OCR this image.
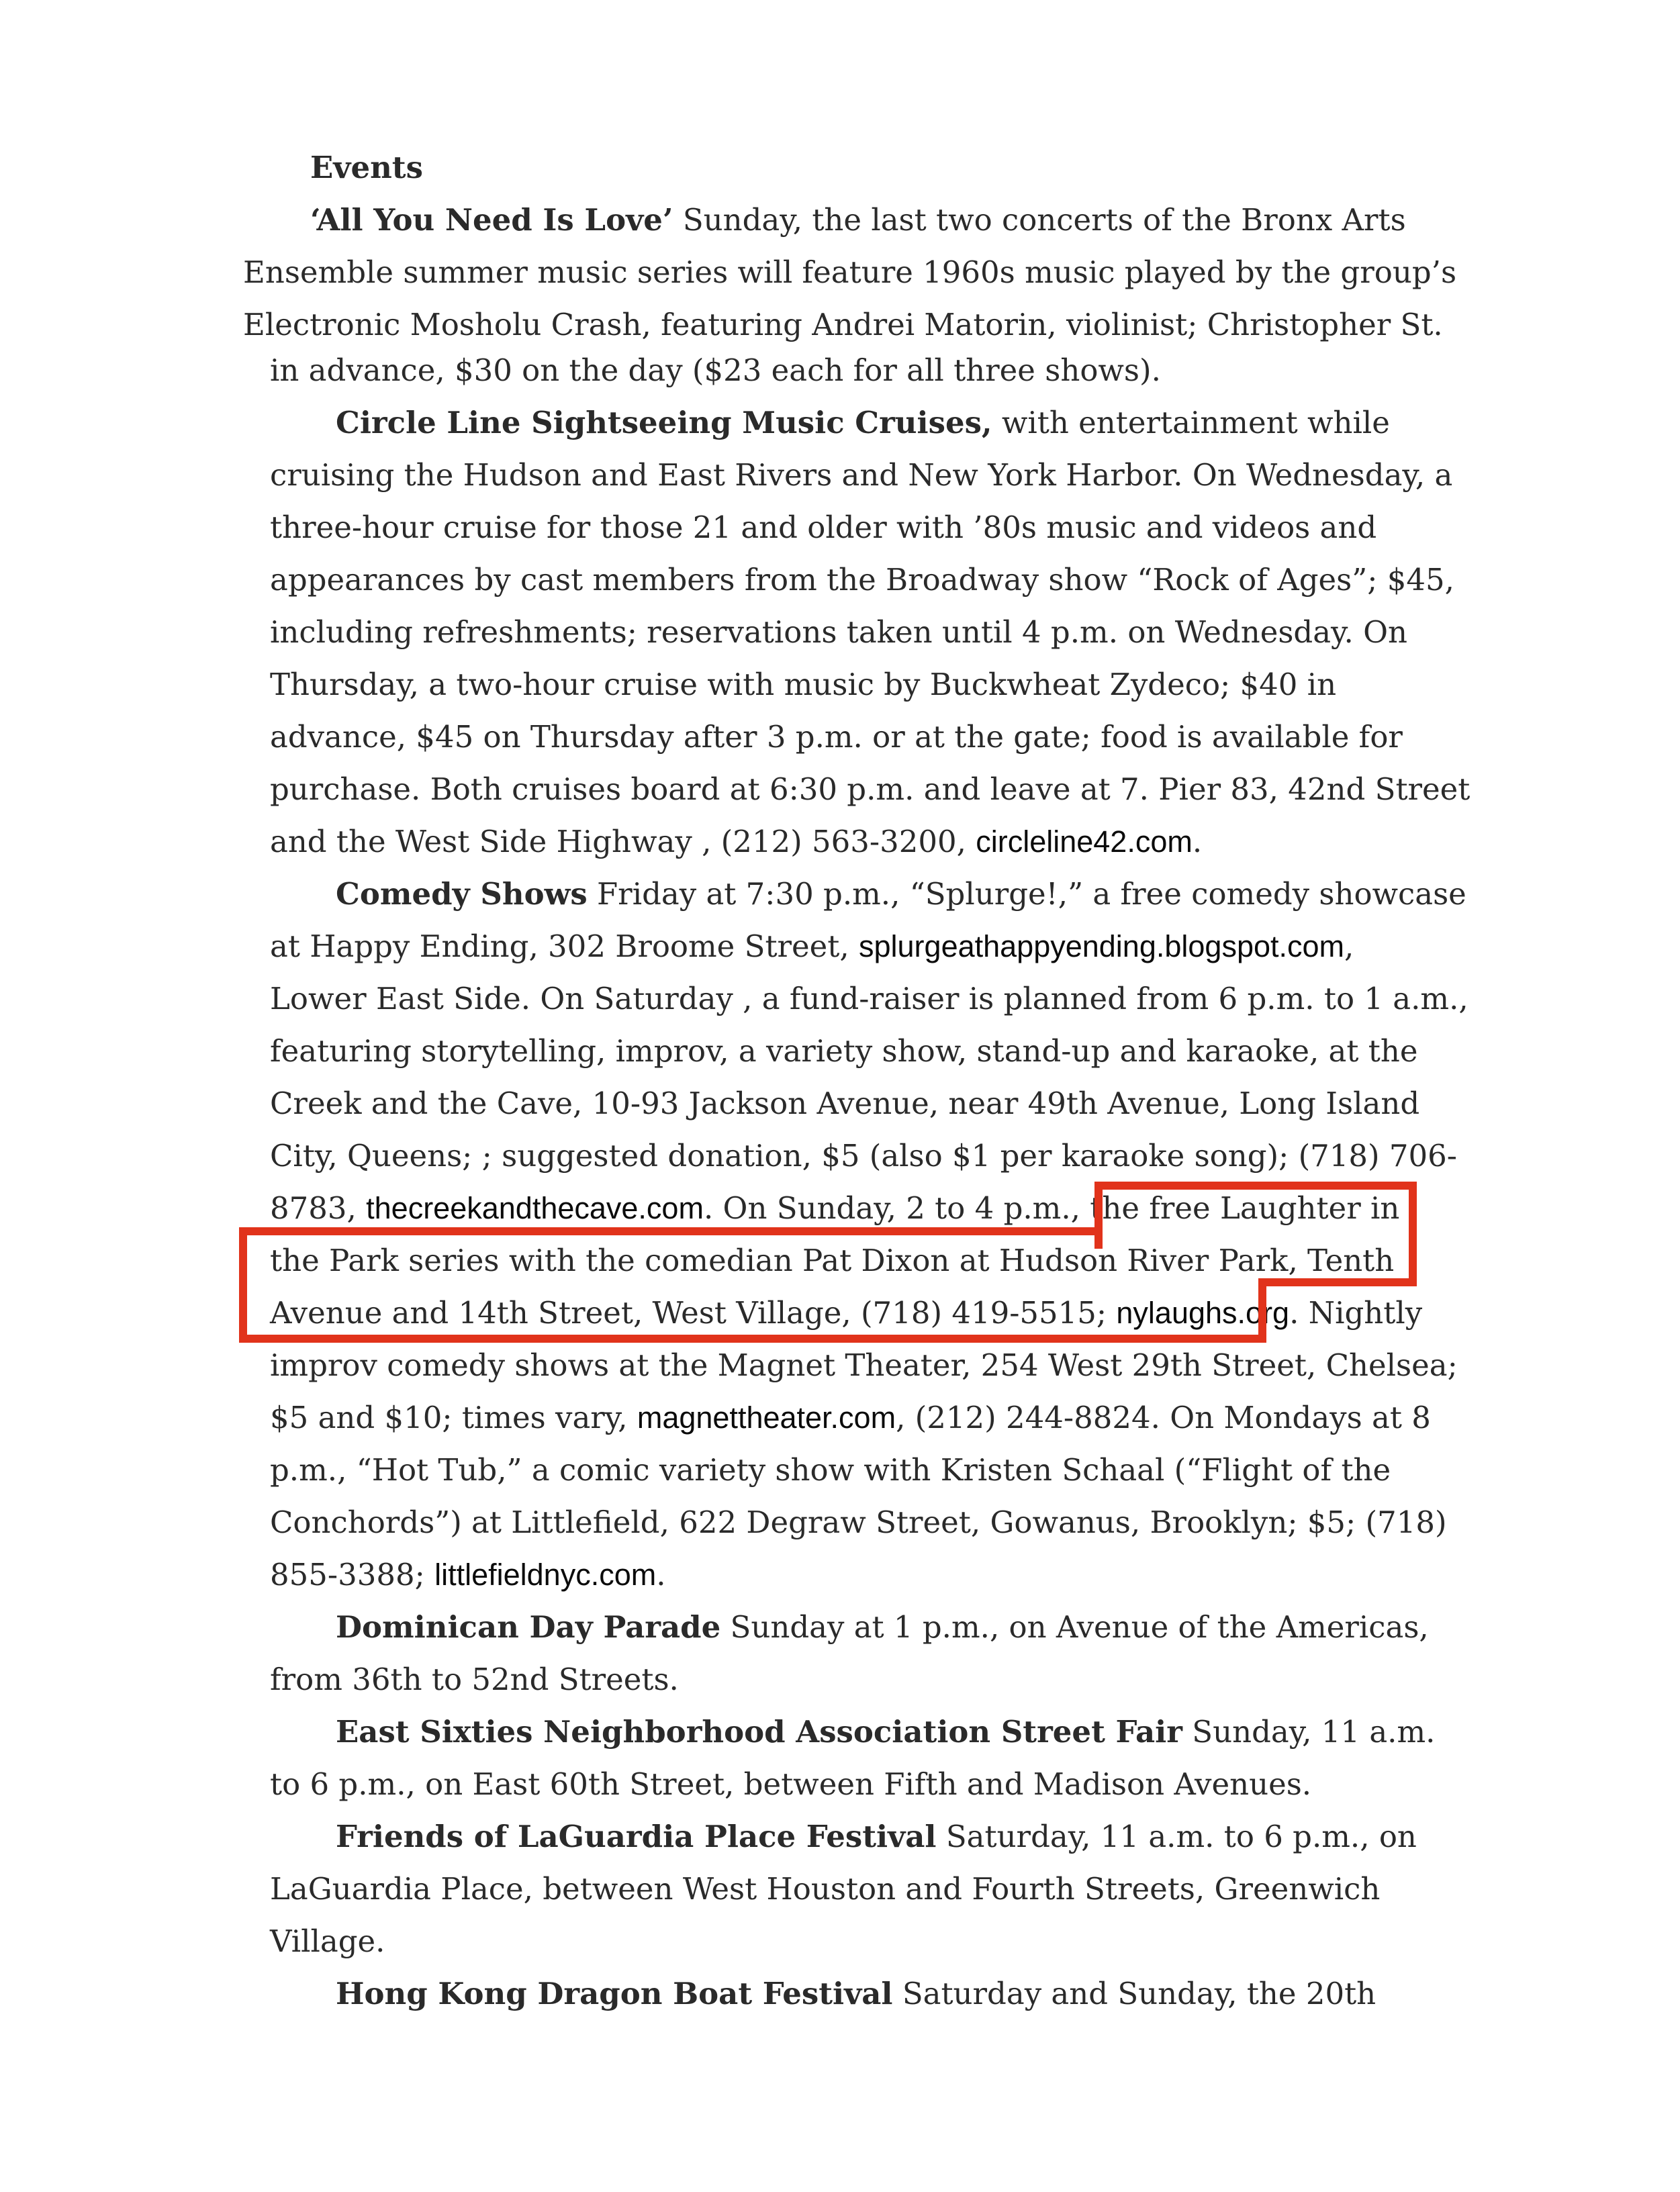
Events
‘All You Need Is Love’ Sunday, the last two concerts of the Bronx Arts
Ensemble summer music series will feature 1960s music played by the group’s
Electronic Mosholu Crash, featuring Andrei Matorin, violinist; Christopher St.
in advance, $30 on the day ($23 each for all three shows).
Circle Line Sightseeing Music Cruises, with entertainment while
cruising the Hudson and East Rivers and New York Harbor. On Wednesday, a
three-hour cruise for those 21 and older with ’80s music and videos and
appearances by cast members from the Broadway show “Rock of Ages”; $45,
including refreshments; reservations taken until 4 p.m. on Wednesday. On
Thursday, a two-hour cruise with music by Buckwheat Zydeco; $40 in
advance, $45 on Thursday after 3 p.m. or at the gate; food is available for
purchase. Both cruises board at 6:30 p.m. and leave at 7. Pier 83, 42nd Street
and the West Side Highway , (212) 563-3200, circleline42.com.
Comedy Shows Friday at 7:30 p.m., “Splurge!,” a free comedy showcase
at Happy Ending, 302 Broome Street, splurgeathappyending.blogspot.com,
Lower East Side. On Saturday , a fund-raiser is planned from 6 p.m. to 1 a.m.,
featuring storytelling, improv, a variety show, stand-up and karaoke, at the
Creek and the Cave, 10-93 Jackson Avenue, near 49th Avenue, Long Island
City, Queens; ; suggested donation, $5 (also $1 per karaoke song); (718) 706-
8783, thecreekandthecave.com. On Sunday, 2 to 4 p.m., the free Laughter in
the Park series with the comedian Pat Dixon at Hudson River Park, Tenth
Avenue and 14th Street, West Village, (718) 419-5515; nylaughs.org. Nightly
improv comedy shows at the Magnet Theater, 254 West 29th Street, Chelsea;
$5 and $10; times vary, magnettheater.com, (212) 244-8824. On Mondays at 8
p.m., “Hot Tub,” a comic variety show with Kristen Schaal (“Flight of the
Conchords”) at Littlefield, 622 Degraw Street, Gowanus, Brooklyn; $5; (718)
855-3388; littlefieldnyc.com.
Dominican Day Parade Sunday at 1 p.m., on Avenue of the Americas,
from 36th to 52nd Streets.
East Sixties Neighborhood Association Street Fair Sunday, 11 a.m.
to 6 p.m., on East 60th Street, between Fifth and Madison Avenues.
Friends of LaGuardia Place Festival Saturday, 11 a.m. to 6 p.m., on
LaGuardia Place, between West Houston and Fourth Streets, Greenwich
Village.
Hong Kong Dragon Boat Festival Saturday and Sunday, the 20th
